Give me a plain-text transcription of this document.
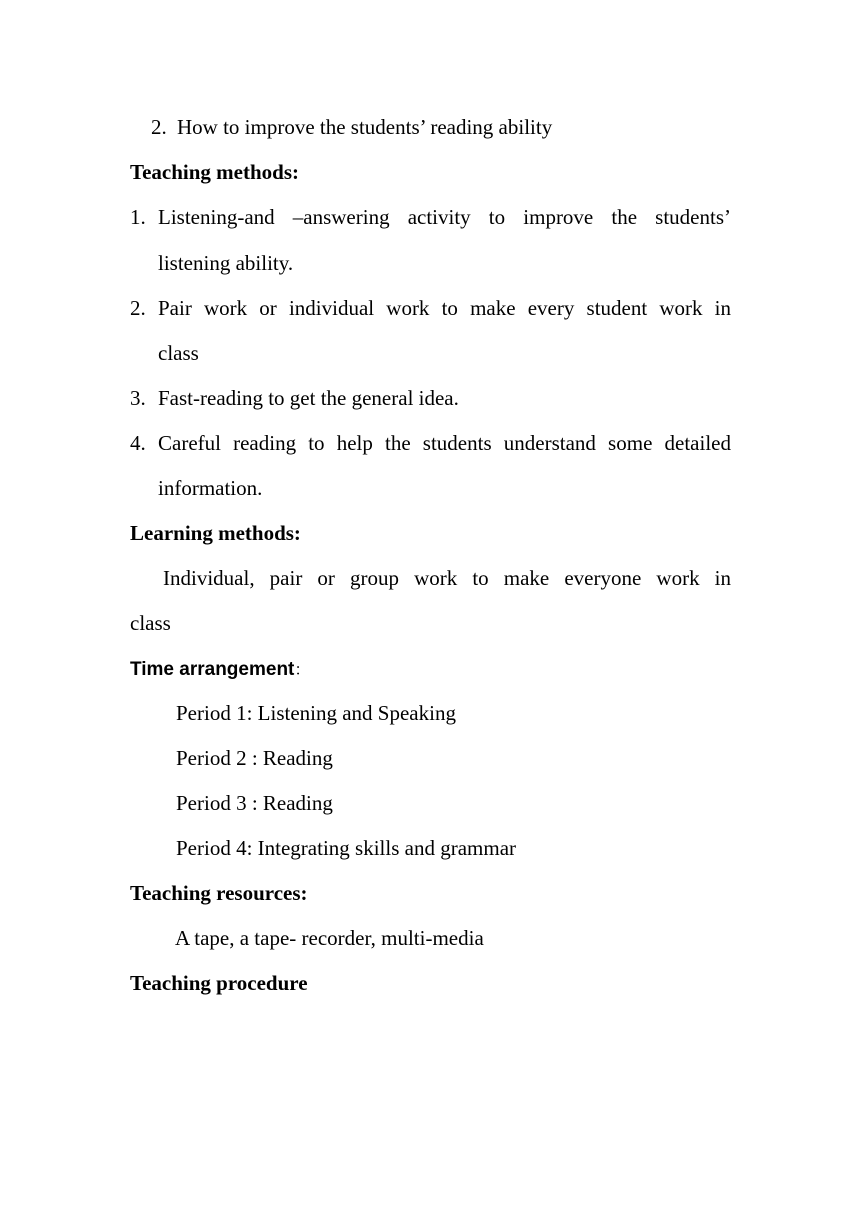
2. How to improve the students’ reading ability
Teaching methods:
1. Listening-and –answering activity to improve the students’
listening ability.
2. Pair work or individual work to make every student work in
class
3. Fast-reading to get the general idea.
4. Careful reading to help the students understand some detailed
information.
Learning methods:
Individual, pair or group work to make everyone work in
class
Time arrangement：
Period 1: Listening and Speaking
Period 2 : Reading
Period 3 : Reading
Period 4: Integrating skills and grammar
Teaching resources:
A tape, a tape- recorder, multi-media
Teaching procedure
